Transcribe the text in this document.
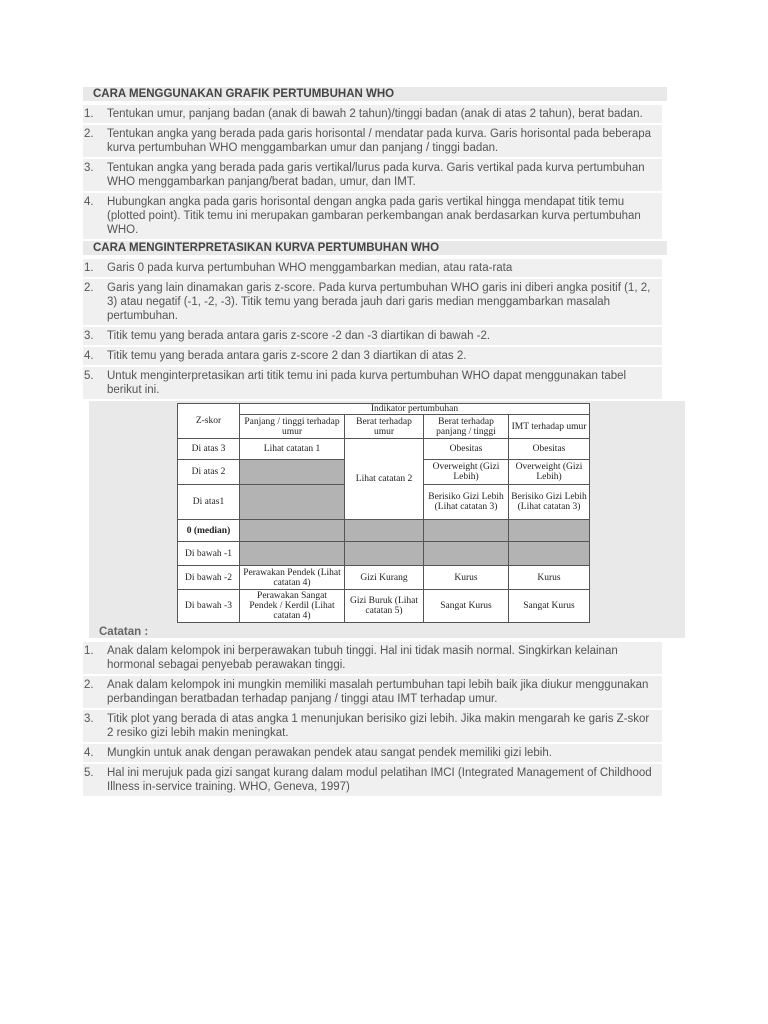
CARA MENGGUNAKAN GRAFIK PERTUMBUHAN WHO
1. Tentukan umur, panjang badan (anak di bawah 2 tahun)/tinggi badan (anak di atas 2 tahun), berat badan.
2. Tentukan angka yang berada pada garis horisontal / mendatar pada kurva. Garis horisontal pada beberapa kurva pertumbuhan WHO menggambarkan umur dan panjang / tinggi badan.
3. Tentukan angka yang berada pada garis vertikal/lurus pada kurva. Garis vertikal pada kurva pertumbuhan WHO menggambarkan panjang/berat badan, umur, dan IMT.
4. Hubungkan angka pada garis horisontal dengan angka pada garis vertikal hingga mendapat titik temu (plotted point). Titik temu ini merupakan gambaran perkembangan anak berdasarkan kurva pertumbuhan WHO.
CARA MENGINTERPRETASIKAN KURVA PERTUMBUHAN WHO
1. Garis 0 pada kurva pertumbuhan WHO menggambarkan median, atau rata-rata
2. Garis yang lain dinamakan garis z-score. Pada kurva pertumbuhan WHO garis ini diberi angka positif (1, 2, 3) atau negatif (-1, -2, -3). Titik temu yang berada jauh dari garis median menggambarkan masalah pertumbuhan.
3. Titik temu yang berada antara garis z-score -2 dan -3 diartikan di bawah -2.
4. Titik temu yang berada antara garis z-score 2 dan 3 diartikan di atas 2.
5. Untuk menginterpretasikan arti titik temu ini pada kurva pertumbuhan WHO dapat menggunakan tabel berikut ini.
Z-skor	Indikator pertumbuhan			
	Panjang / tinggi terhadap umur	Berat terhadap umur	Berat terhadap panjang / tinggi	IMT terhadap umur
Di atas 3	Lihat catatan 1	Lihat catatan 2	Obesitas	Obesitas
Di atas 2			Overweight (Gizi Lebih)	Overweight (Gizi Lebih)
Di atas1			Berisiko Gizi Lebih (Lihat catatan 3)	Berisiko Gizi Lebih (Lihat catatan 3)
0 (median)				
Di bawah -1				
Di bawah -2	Perawakan Pendek (Lihat catatan 4)	Gizi Kurang	Kurus	Kurus
Di bawah -3	Perawakan Sangat Pendek / Kerdil (Lihat catatan 4)	Gizi Buruk (Lihat catatan 5)	Sangat Kurus	Sangat Kurus
Catatan :
1. Anak dalam kelompok ini berperawakan tubuh tinggi. Hal ini tidak masih normal. Singkirkan kelainan hormonal sebagai penyebab perawakan tinggi.
2. Anak dalam kelompok ini mungkin memiliki masalah pertumbuhan tapi lebih baik jika diukur menggunakan perbandingan beratbadan terhadap panjang / tinggi atau IMT terhadap umur.
3. Titik plot yang berada di atas angka 1 menunjukan berisiko gizi lebih. Jika makin mengarah ke garis Z-skor 2 resiko gizi lebih makin meningkat.
4. Mungkin untuk anak dengan perawakan pendek atau sangat pendek memiliki gizi lebih.
5. Hal ini merujuk pada gizi sangat kurang dalam modul pelatihan IMCI (Integrated Management of Childhood Illness in-service training. WHO, Geneva, 1997)
